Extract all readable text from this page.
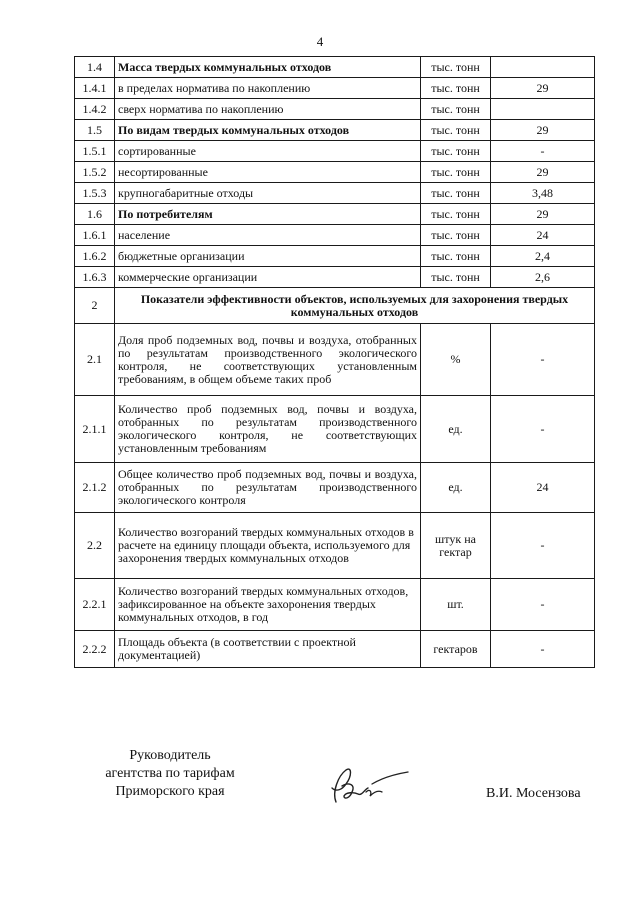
4
1.4	Масса твердых коммунальных отходов	тыс. тонн	
1.4.1	в пределах норматива по накоплению	тыс. тонн	29
1.4.2	сверх норматива по накоплению	тыс. тонн	
1.5	По видам твердых коммунальных отходов	тыс. тонн	29
1.5.1	сортированные	тыс. тонн	-
1.5.2	несортированные	тыс. тонн	29
1.5.3	крупногабаритные отходы	тыс. тонн	3,48
1.6	По потребителям	тыс. тонн	29
1.6.1	население	тыс. тонн	24
1.6.2	бюджетные организации	тыс. тонн	2,4
1.6.3	коммерческие организации	тыс. тонн	2,6
2	Показатели эффективности объектов, используемых для захоронения твердых коммунальных отходов		
2.1	Доля проб подземных вод, почвы и воздуха, отобранных по результатам производственного экологического контроля, не соответствующих установленным требованиям, в общем объеме таких проб	%	-
2.1.1	Количество проб подземных вод, почвы и воздуха, отобранных по результатам производственного экологического контроля, не соответствующих установленным требованиям	ед.	-
2.1.2	Общее количество проб подземных вод, почвы и воздуха, отобранных по результатам производственного экологического контроля	ед.	24
2.2	Количество возгораний твердых коммунальных отходов в расчете на единицу площади объекта, используемого для захоронения твердых коммунальных отходов	штук на гектар	-
2.2.1	Количество возгораний твердых коммунальных отходов, зафиксированное на объекте захоронения твердых коммунальных отходов, в год	шт.	-
2.2.2	Площадь объекта (в соответствии с проектной документацией)	гектаров	-
Руководитель
агентства по тарифам
Приморского края	В.И. Мосензова
